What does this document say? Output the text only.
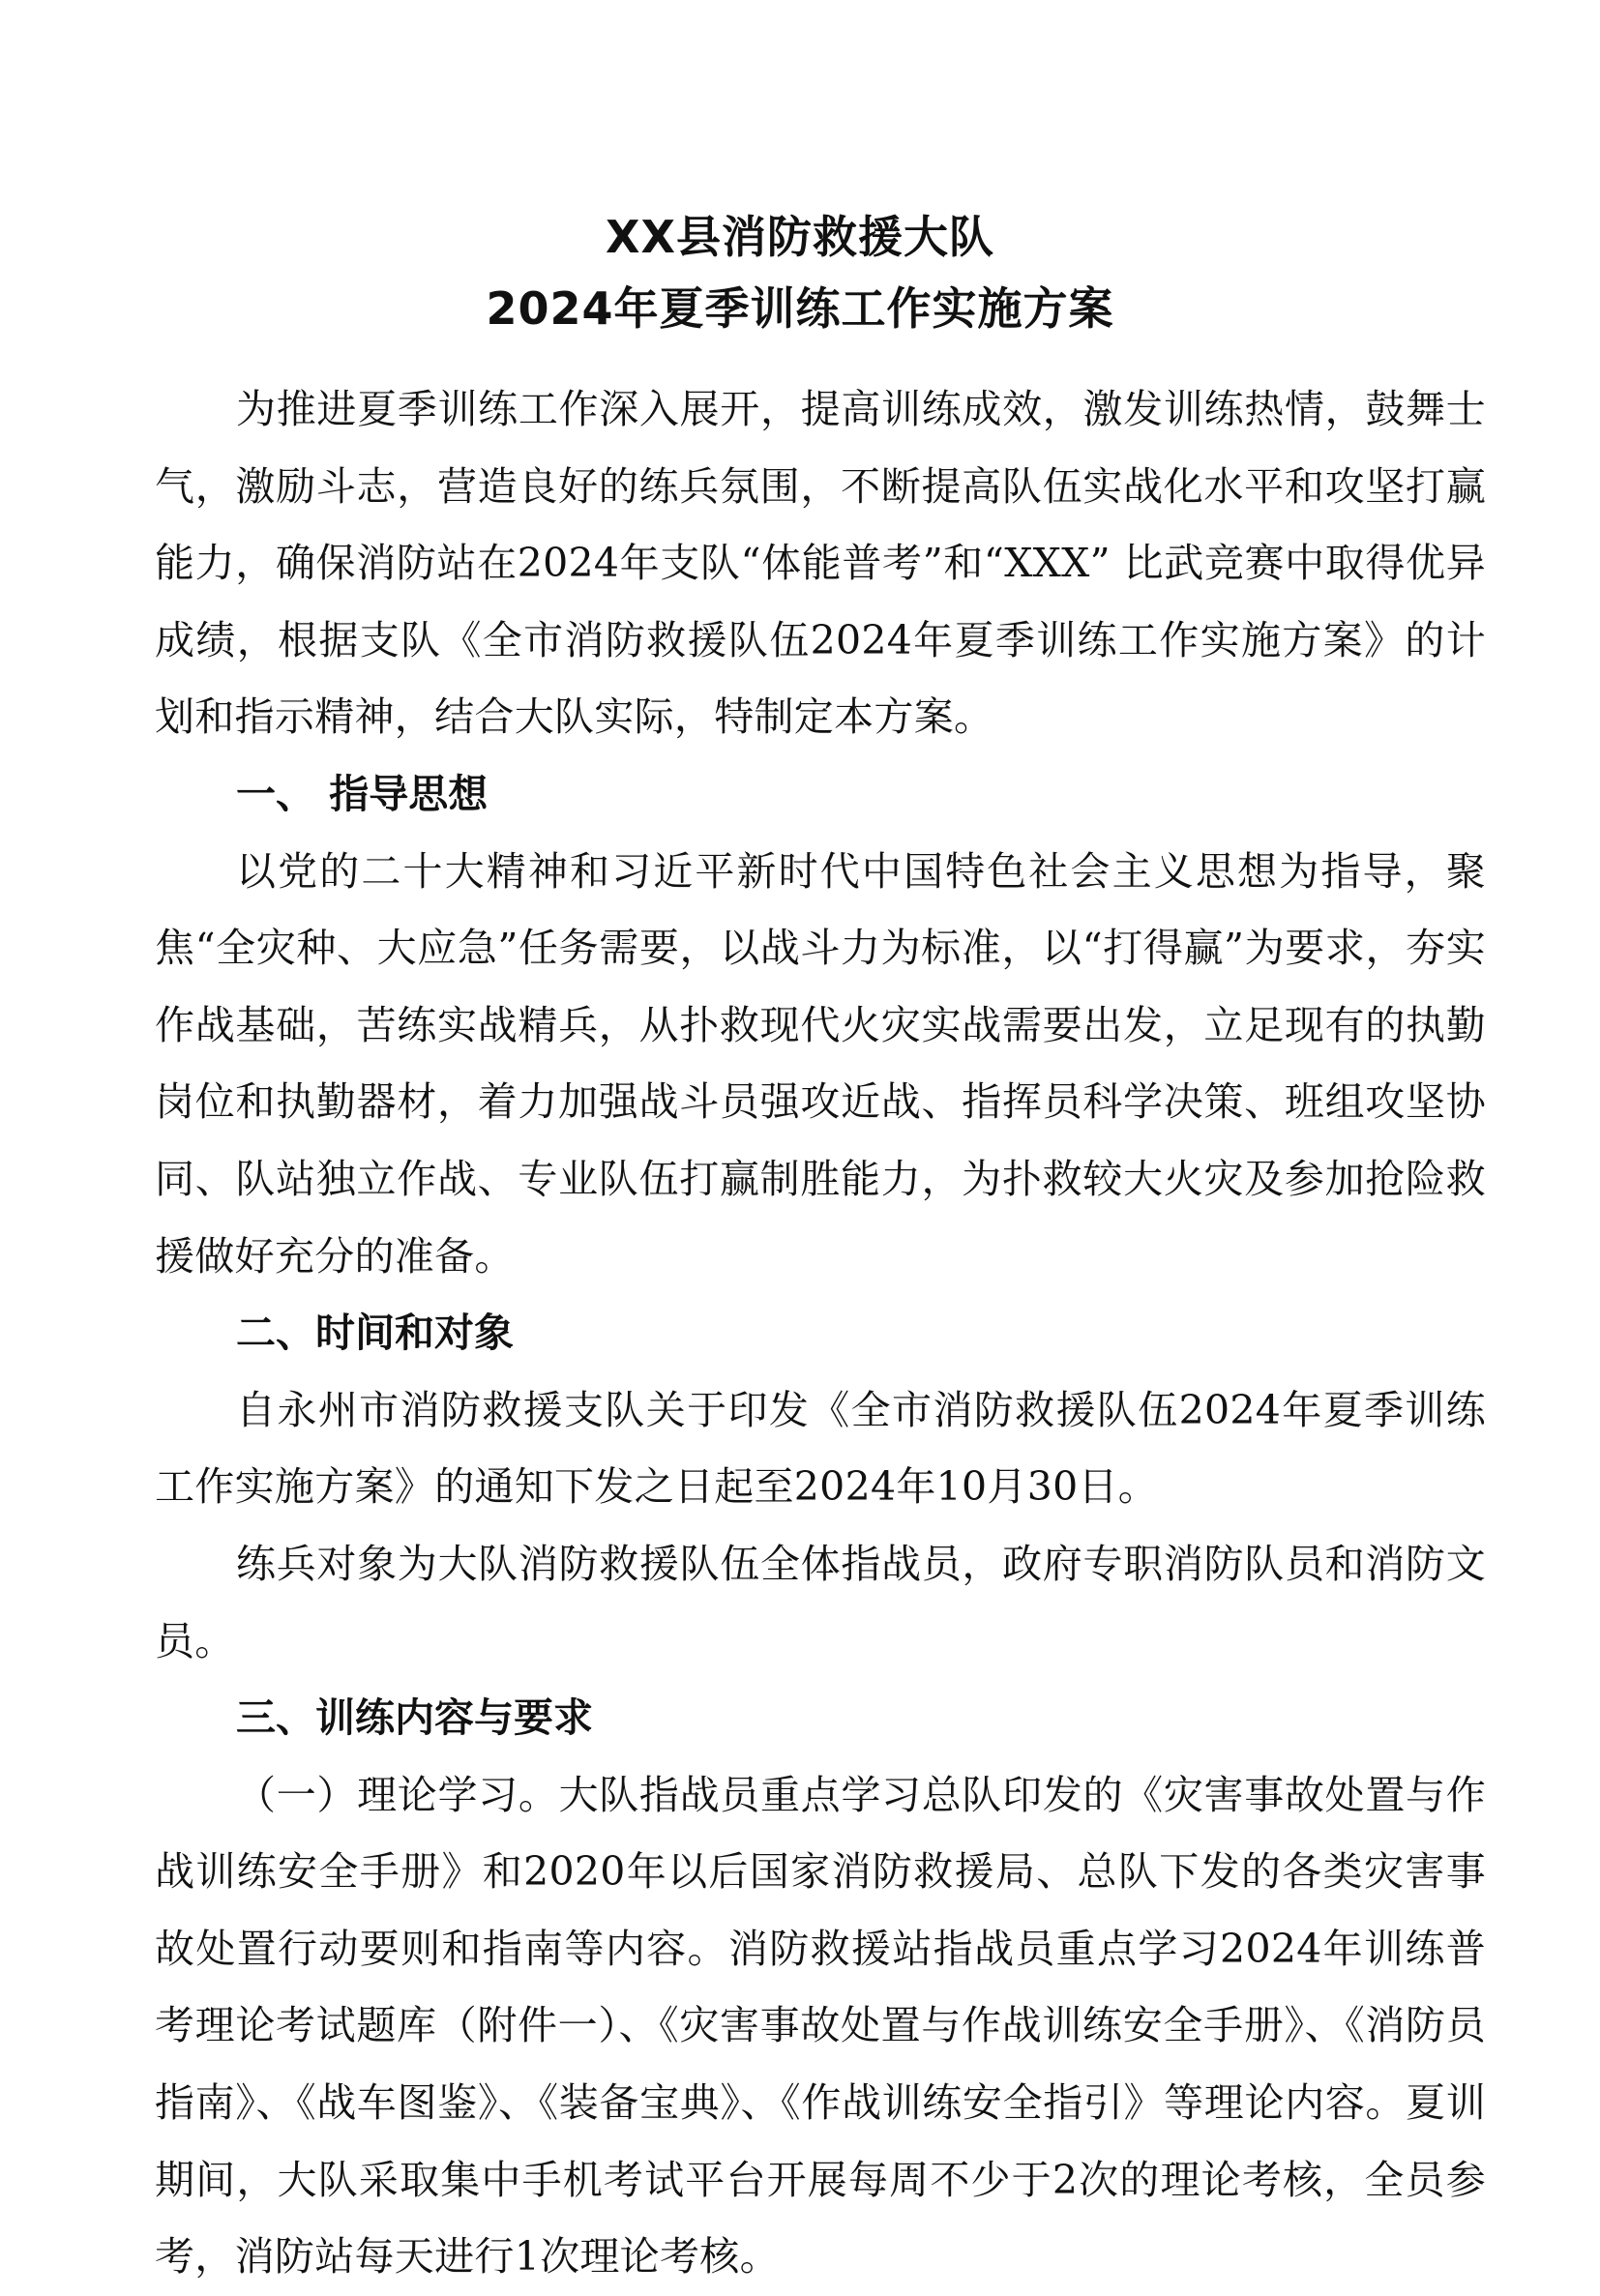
XX县消防救援大队
2024年夏季训练工作实施方案

为推进夏季训练工作深入展开，提高训练成效，激发训练热情，鼓舞士气，激励斗志，营造良好的练兵氛围，不断提高队伍实战化水平和攻坚打赢能力，确保消防站在2024年支队“体能普考”和“XXX” 比武竞赛中取得优异成绩，根据支队《全市消防救援队伍2024年夏季训练工作实施方案》的计划和指示精神，结合大队实际，特制定本方案。

一、 指导思想

以党的二十大精神和习近平新时代中国特色社会主义思想为指导，聚焦“全灾种、大应急”任务需要，以战斗力为标准，以“打得赢”为要求，夯实作战基础，苦练实战精兵，从扑救现代火灾实战需要出发，立足现有的执勤岗位和执勤器材，着力加强战斗员强攻近战、指挥员科学决策、班组攻坚协同、队站独立作战、专业队伍打赢制胜能力，为扑救较大火灾及参加抢险救援做好充分的准备。

二、时间和对象

自永州市消防救援支队关于印发《全市消防救援队伍2024年夏季训练工作实施方案》的通知下发之日起至2024年10月30日。

练兵对象为大队消防救援队伍全体指战员，政府专职消防队员和消防文员。

三、训练内容与要求

（一）理论学习。大队指战员重点学习总队印发的《灾害事故处置与作战训练安全手册》和2020年以后国家消防救援局、总队下发的各类灾害事故处置行动要则和指南等内容。消防救援站指战员重点学习2024年训练普考理论考试题库（附件一）、《灾害事故处置与作战训练安全手册》、《消防员指南》、《战车图鉴》、《装备宝典》、《作战训练安全指引》等理论内容。夏训期间，大队采取集中手机考试平台开展每周不少于2次的理论考核，全员参考，消防站每天进行1次理论考核。
